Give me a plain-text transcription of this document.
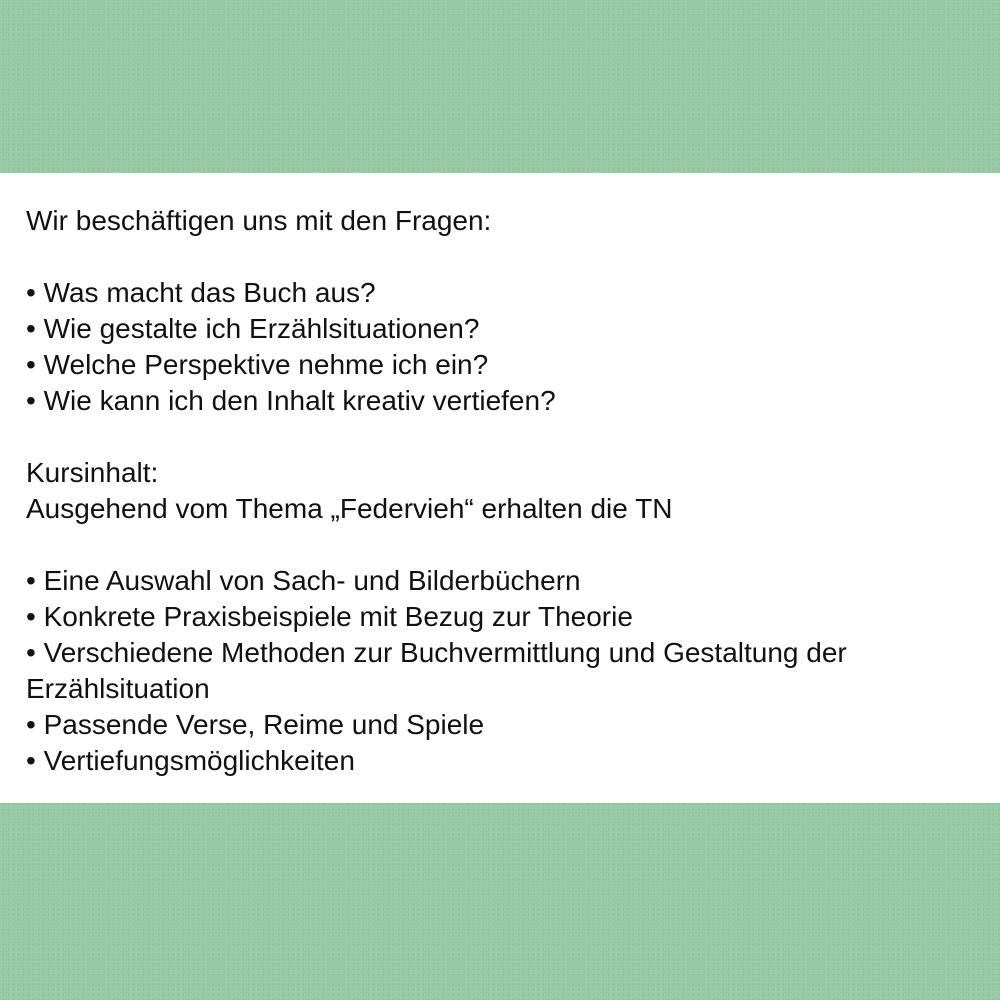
Wir beschäftigen uns mit den Fragen:

• Was macht das Buch aus?

• Wie gestalte ich Erzählsituationen?

• Welche Perspektive nehme ich ein?

• Wie kann ich den Inhalt kreativ vertiefen?

Kursinhalt:

Ausgehend vom Thema „Federvieh“ erhalten die TN

• Eine Auswahl von Sach- und Bilderbüchern

• Konkrete Praxisbeispiele mit Bezug zur Theorie

• Verschiedene Methoden zur Buchvermittlung und Gestaltung der Erzählsituation

• Passende Verse, Reime und Spiele

• Vertiefungsmöglichkeiten
